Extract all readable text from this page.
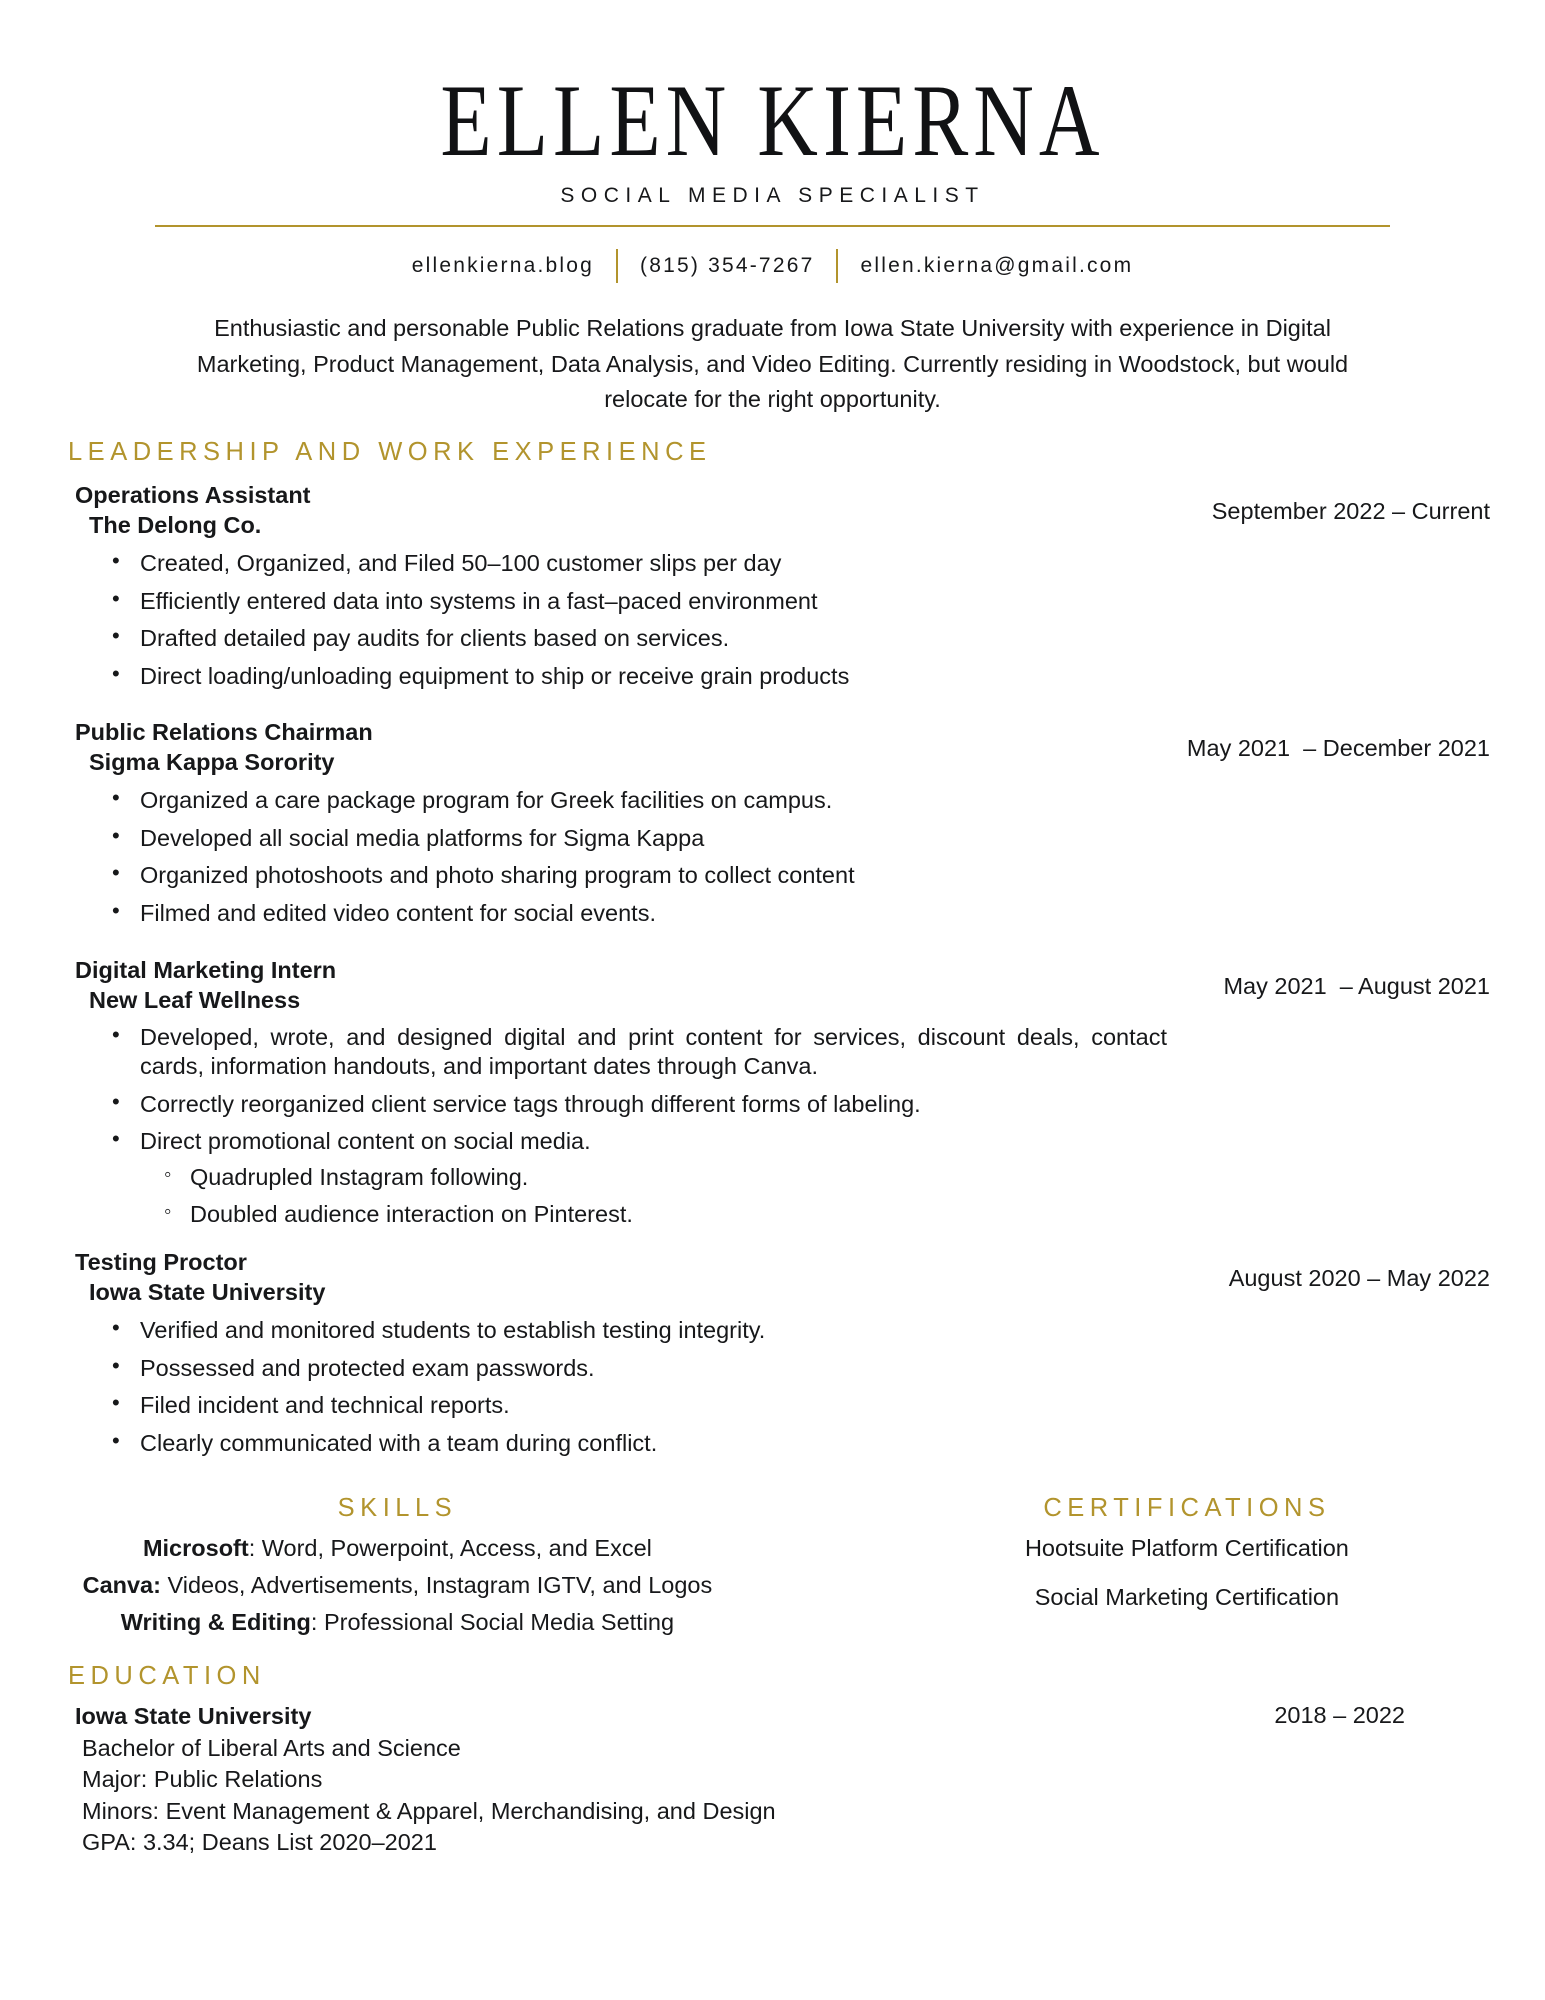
ELLEN KIERNA
SOCIAL MEDIA SPECIALIST
ellenkierna.blog (815) 354-7267 ellen.kierna@gmail.com
Enthusiastic and personable Public Relations graduate from Iowa State University with experience in Digital Marketing, Product Management, Data Analysis, and Video Editing. Currently residing in Woodstock, but would relocate for the right opportunity.
LEADERSHIP AND WORK EXPERIENCE
Operations Assistant
The Delong Co.
September 2022 – Current
• Created, Organized, and Filed 50–100 customer slips per day
• Efficiently entered data into systems in a fast–paced environment
• Drafted detailed pay audits for clients based on services.
• Direct loading/unloading equipment to ship or receive grain products
Public Relations Chairman
Sigma Kappa Sorority
May 2021  – December 2021
• Organized a care package program for Greek facilities on campus.
• Developed all social media platforms for Sigma Kappa
• Organized photoshoots and photo sharing program to collect content
• Filmed and edited video content for social events.
Digital Marketing Intern
New Leaf Wellness
May 2021  – August 2021
• Developed, wrote, and designed digital and print content for services, discount deals, contact cards, information handouts, and important dates through Canva.
• Correctly reorganized client service tags through different forms of labeling.
• Direct promotional content on social media.
◦ Quadrupled Instagram following.
◦ Doubled audience interaction on Pinterest.
Testing Proctor
Iowa State University
August 2020 – May 2022
• Verified and monitored students to establish testing integrity.
• Possessed and protected exam passwords.
• Filed incident and technical reports.
• Clearly communicated with a team during conflict.
SKILLS
Microsoft: Word, Powerpoint, Access, and Excel
Canva: Videos, Advertisements, Instagram IGTV, and Logos
Writing & Editing: Professional Social Media Setting
CERTIFICATIONS
Hootsuite Platform Certification
Social Marketing Certification
EDUCATION
Iowa State University	2018 – 2022
Bachelor of Liberal Arts and Science
Major: Public Relations
Minors: Event Management & Apparel, Merchandising, and Design
GPA: 3.34; Deans List 2020–2021
